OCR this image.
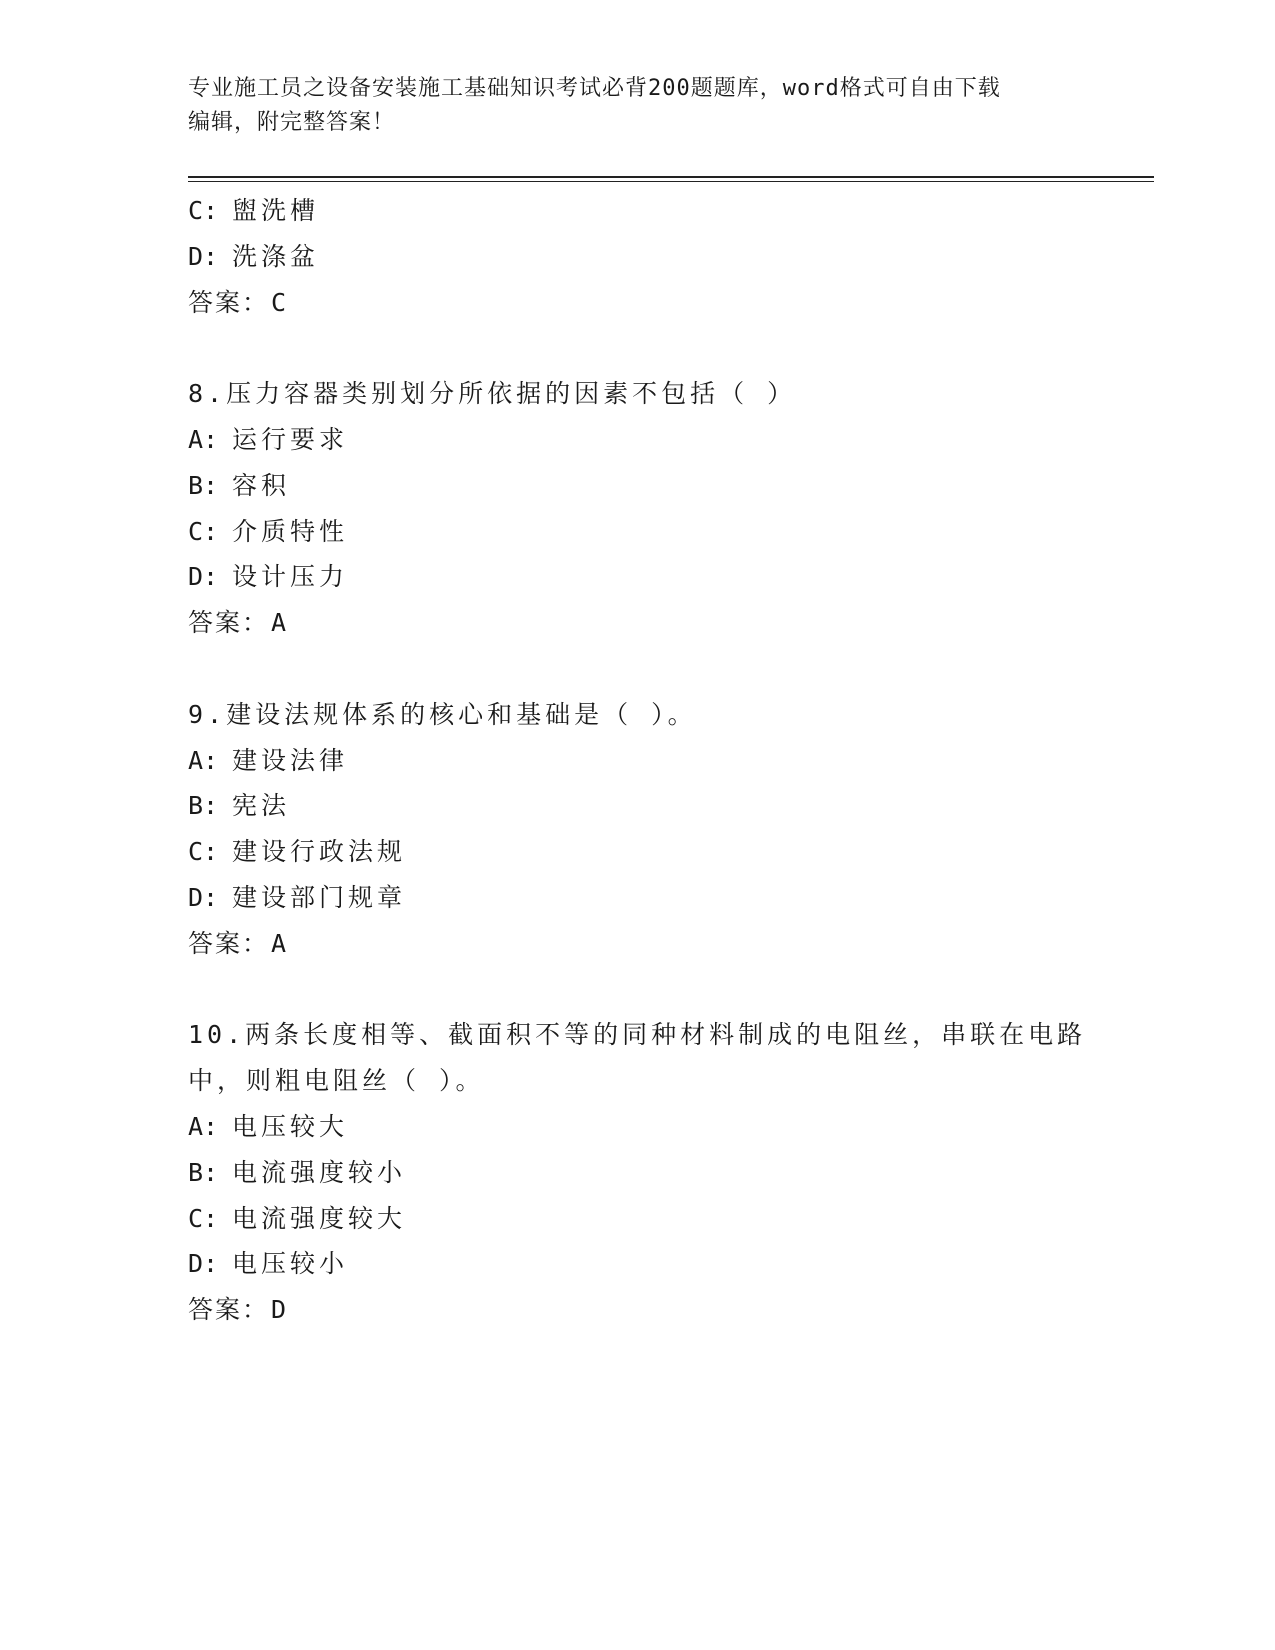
专业施工员之设备安装施工基础知识考试必背200题题库，word格式可自由下载
编辑，附完整答案！
C: 盥洗槽
D: 洗涤盆
答案：C
8.压力容器类别划分所依据的因素不包括（ ）
A: 运行要求
B: 容积
C: 介质特性
D: 设计压力
答案：A
9.建设法规体系的核心和基础是（ ）。
A: 建设法律
B: 宪法
C: 建设行政法规
D: 建设部门规章
答案：A
10.两条长度相等、截面积不等的同种材料制成的电阻丝，串联在电路
中，则粗电阻丝（ ）。
A: 电压较大
B: 电流强度较小
C: 电流强度较大
D: 电压较小
答案：D
